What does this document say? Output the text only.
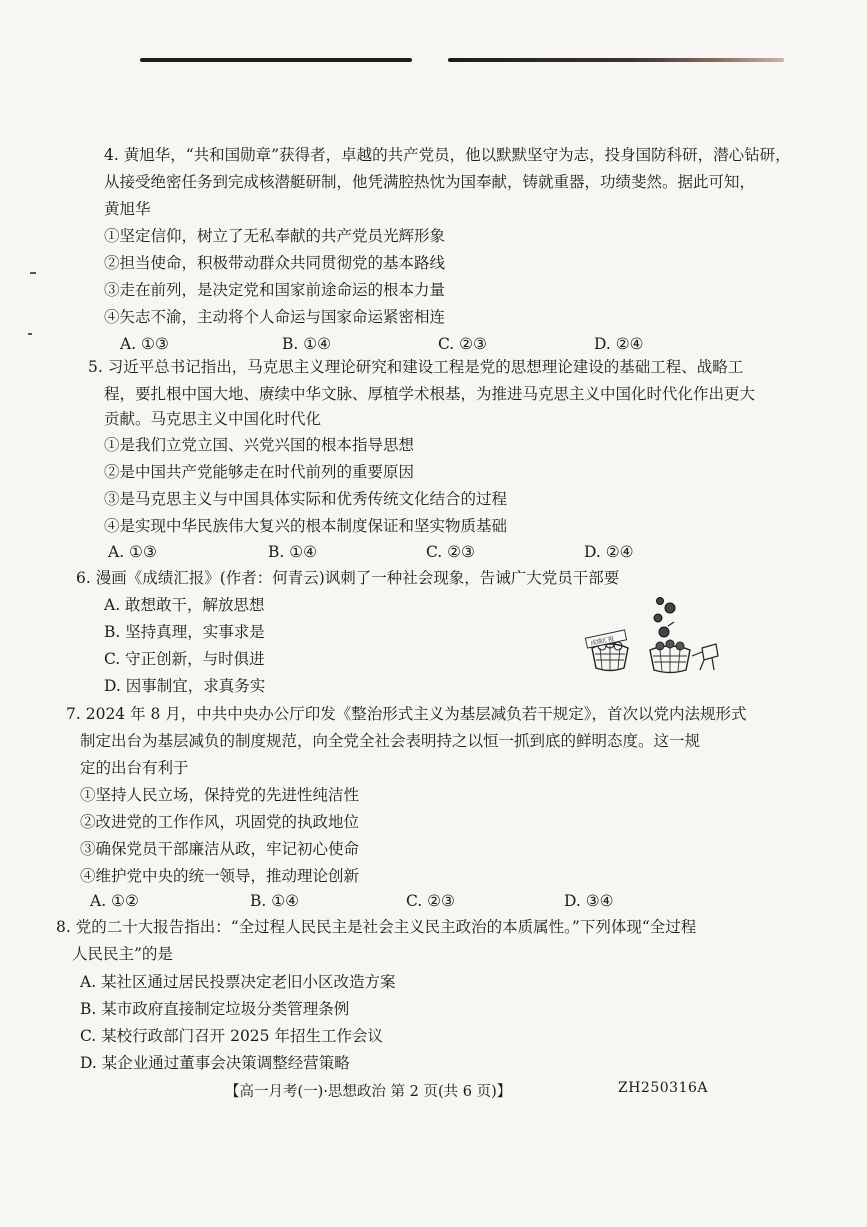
4. 黄旭华，“共和国勋章”获得者，卓越的共产党员，他以默默坚守为志，投身国防科研，潜心钻研，
从接受绝密任务到完成核潜艇研制，他凭满腔热忱为国奉献，铸就重器，功绩斐然。据此可知，
黄旭华
①坚定信仰，树立了无私奉献的共产党员光辉形象
②担当使命，积极带动群众共同贯彻党的基本路线
③走在前列，是决定党和国家前途命运的根本力量
④矢志不渝，主动将个人命运与国家命运紧密相连
A. ①③	B. ①④	C. ②③	D. ②④
5. 习近平总书记指出，马克思主义理论研究和建设工程是党的思想理论建设的基础工程、战略工
程，要扎根中国大地、赓续中华文脉、厚植学术根基，为推进马克思主义中国化时代化作出更大
贡献。马克思主义中国化时代化
①是我们立党立国、兴党兴国的根本指导思想
②是中国共产党能够走在时代前列的重要原因
③是马克思主义与中国具体实际和优秀传统文化结合的过程
④是实现中华民族伟大复兴的根本制度保证和坚实物质基础
A. ①③	B. ①④	C. ②③	D. ②④
6. 漫画《成绩汇报》(作者：何青云)讽刺了一种社会现象，告诫广大党员干部要
A. 敢想敢干，解放思想
B. 坚持真理，实事求是
C. 守正创新，与时俱进
D. 因事制宜，求真务实
成绩汇报
7. 2024 年 8 月，中共中央办公厅印发《整治形式主义为基层减负若干规定》，首次以党内法规形式
制定出台为基层减负的制度规范，向全党全社会表明持之以恒一抓到底的鲜明态度。这一规
定的出台有利于
①坚持人民立场，保持党的先进性纯洁性
②改进党的工作作风，巩固党的执政地位
③确保党员干部廉洁从政，牢记初心使命
④维护党中央的统一领导，推动理论创新
A. ①②	B. ①④	C. ②③	D. ③④
8. 党的二十大报告指出：“全过程人民民主是社会主义民主政治的本质属性。”下列体现“全过程
人民民主”的是
A. 某社区通过居民投票决定老旧小区改造方案
B. 某市政府直接制定垃圾分类管理条例
C. 某校行政部门召开 2025 年招生工作会议
D. 某企业通过董事会决策调整经营策略
【高一月考(一)·思想政治 第 2 页(共 6 页)】	ZH250316A
